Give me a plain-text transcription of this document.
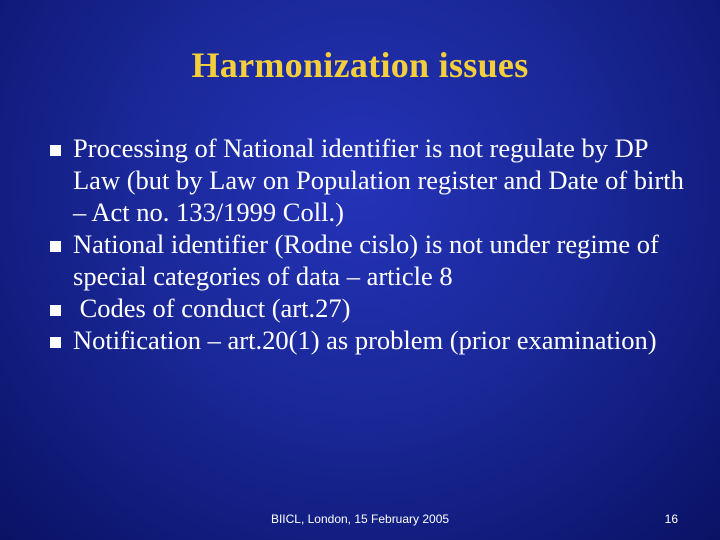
Harmonization issues
Processing of National identifier is not regulate by DP Law (but by Law on Population register and Date of birth – Act no. 133/1999 Coll.)
National identifier (Rodne cislo) is not under regime of special categories of data – article 8
Codes of conduct (art.27)
Notification – art.20(1) as problem (prior examination)
BIICL, London, 15 February 2005	16
